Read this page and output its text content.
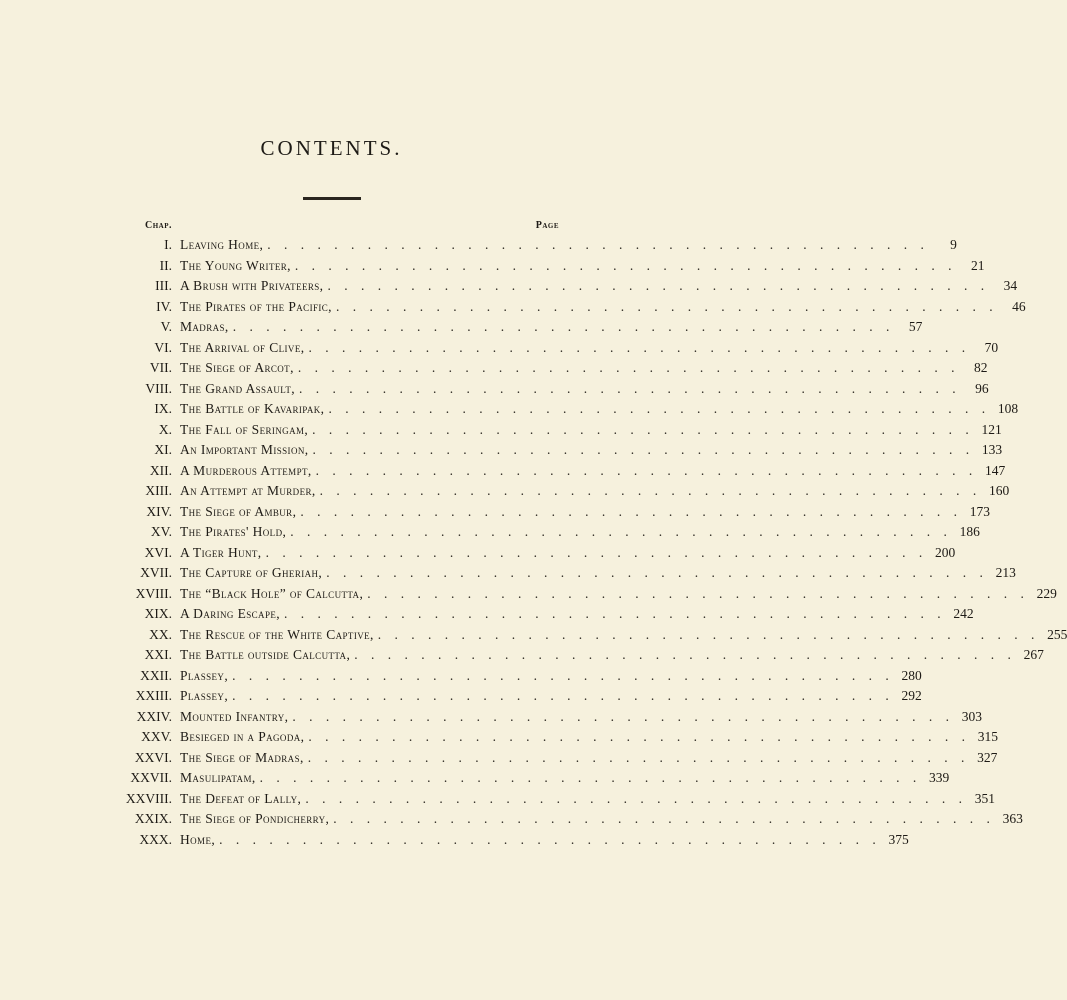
CONTENTS.
Chap.	Page
I. Leaving Home, . . . . . . . . . . . . . . . . . . . . . . . . . . . . . . . . . . . . . . . .	9
II. The Young Writer, . . . . . . . . . . . . . . . . . . . . . . . . . . . . . . . . . . . . . . . .	21
III. A Brush with Privateers, . . . . . . . . . . . . . . . . . . . . . . . . . . . . . . . . . . . . . . . .	34
IV. The Pirates of the Pacific, . . . . . . . . . . . . . . . . . . . . . . . . . . . . . . . . . . . . . . . .	46
V. Madras, . . . . . . . . . . . . . . . . . . . . . . . . . . . . . . . . . . . . . . . .	57
VI. The Arrival of Clive, . . . . . . . . . . . . . . . . . . . . . . . . . . . . . . . . . . . . . . . .	70
VII. The Siege of Arcot, . . . . . . . . . . . . . . . . . . . . . . . . . . . . . . . . . . . . . . . .	82
VIII. The Grand Assault, . . . . . . . . . . . . . . . . . . . . . . . . . . . . . . . . . . . . . . . .	96
IX. The Battle of Kavaripak, . . . . . . . . . . . . . . . . . . . . . . . . . . . . . . . . . . . . . . . . 108
X. The Fall of Seringam, . . . . . . . . . . . . . . . . . . . . . . . . . . . . . . . . . . . . . . . . 121
XI. An Important Mission, . . . . . . . . . . . . . . . . . . . . . . . . . . . . . . . . . . . . . . . . 133
XII. A Murderous Attempt, . . . . . . . . . . . . . . . . . . . . . . . . . . . . . . . . . . . . . . . . 147
XIII. An Attempt at Murder, . . . . . . . . . . . . . . . . . . . . . . . . . . . . . . . . . . . . . . . . 160
XIV. The Siege of Ambur, . . . . . . . . . . . . . . . . . . . . . . . . . . . . . . . . . . . . . . . . 173
XV. The Pirates' Hold, . . . . . . . . . . . . . . . . . . . . . . . . . . . . . . . . . . . . . . . . 186
XVI. A Tiger Hunt, . . . . . . . . . . . . . . . . . . . . . . . . . . . . . . . . . . . . . . . . 200
XVII. The Capture of Gheriah, . . . . . . . . . . . . . . . . . . . . . . . . . . . . . . . . . . . . . . . . 213
XVIII. The “Black Hole” of Calcutta, . . . . . . . . . . . . . . . . . . . . . . . . . . . . . . . . . . . . . . . . 229
XIX. A Daring Escape, . . . . . . . . . . . . . . . . . . . . . . . . . . . . . . . . . . . . . . . . 242
XX. The Rescue of the White Captive, . . . . . . . . . . . . . . . . . . . . . . . . . . . . . . . . . . . . . . . . 255
XXI. The Battle outside Calcutta, . . . . . . . . . . . . . . . . . . . . . . . . . . . . . . . . . . . . . . . . 267
XXII. Plassey, . . . . . . . . . . . . . . . . . . . . . . . . . . . . . . . . . . . . . . . . 280
XXIII. Plassey, . . . . . . . . . . . . . . . . . . . . . . . . . . . . . . . . . . . . . . . . 292
XXIV. Mounted Infantry, . . . . . . . . . . . . . . . . . . . . . . . . . . . . . . . . . . . . . . . . 303
XXV. Besieged in a Pagoda, . . . . . . . . . . . . . . . . . . . . . . . . . . . . . . . . . . . . . . . . 315
XXVI. The Siege of Madras, . . . . . . . . . . . . . . . . . . . . . . . . . . . . . . . . . . . . . . . . 327
XXVII. Masulipatam, . . . . . . . . . . . . . . . . . . . . . . . . . . . . . . . . . . . . . . . . 339
XXVIII. The Defeat of Lally, . . . . . . . . . . . . . . . . . . . . . . . . . . . . . . . . . . . . . . . . 351
XXIX. The Siege of Pondicherry, . . . . . . . . . . . . . . . . . . . . . . . . . . . . . . . . . . . . . . . . 363
XXX. Home, . . . . . . . . . . . . . . . . . . . . . . . . . . . . . . . . . . . . . . . . 375
